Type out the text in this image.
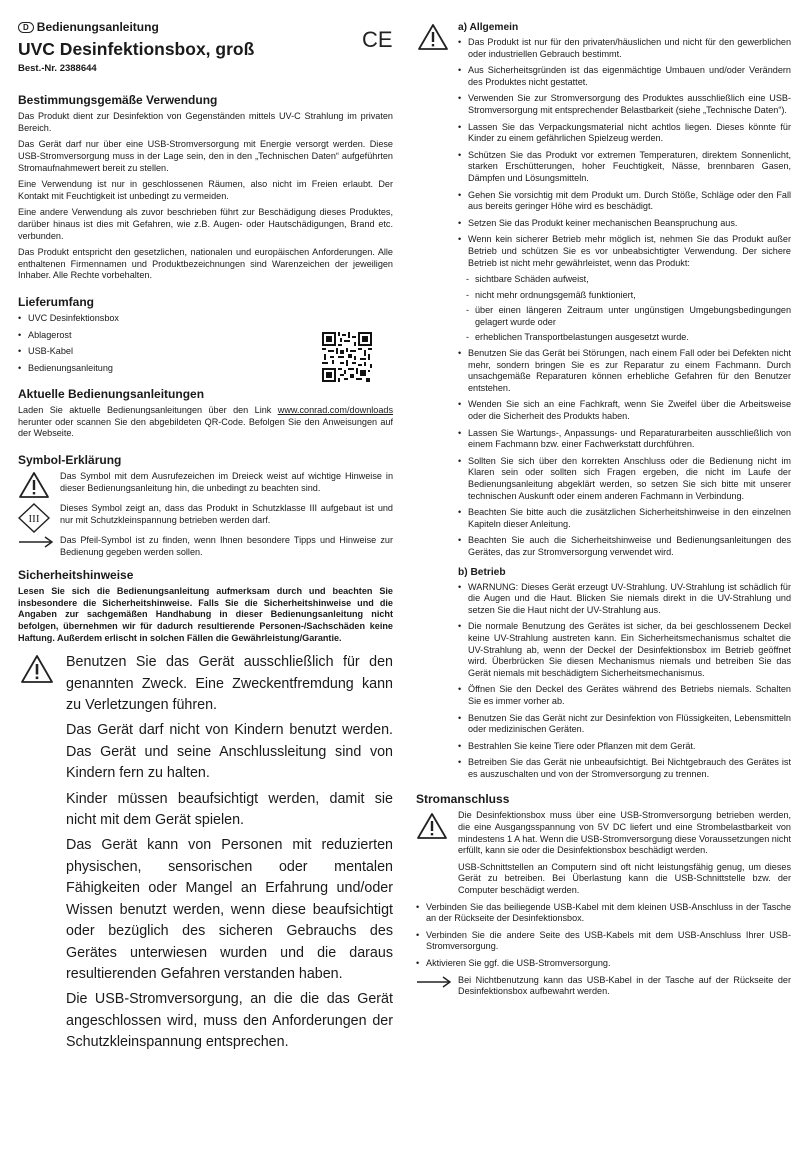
D Bedienungsanleitung
UVC Desinfektionsbox, groß
Best.-Nr. 2388644
Bestimmungsgemäße Verwendung

Das Produkt dient zur Desinfektion von Gegenständen mittels UV-C Strahlung im privaten Bereich.

Das Gerät darf nur über eine USB-Stromversorgung mit Energie versorgt werden. Diese USB-Stromversorgung muss in der Lage sein, den in den „Technischen Daten“ aufgeführten Stromaufnahmewert bereit zu stellen.

Eine Verwendung ist nur in geschlossenen Räumen, also nicht im Freien erlaubt. Der Kontakt mit Feuchtigkeit ist unbedingt zu vermeiden.

Eine andere Verwendung als zuvor beschrieben führt zur Beschädigung dieses Produktes, darüber hinaus ist dies mit Gefahren, wie z.B. Augen- oder Hautschädigungen, Brand etc. verbunden.

Das Produkt entspricht den gesetzlichen, nationalen und europäischen Anforderungen. Alle enthaltenen Firmennamen und Produktbezeichnungen sind Warenzeichen der jeweiligen Inhaber. Alle Rechte vorbehalten.

Lieferumfang
• UVC Desinfektionsbox
• Ablagerost
• USB-Kabel
• Bedienungsanleitung
Aktuelle Bedienungsanleitungen

Laden Sie aktuelle Bedienungsanleitungen über den Link www.conrad.com/downloads herunter oder scannen Sie den abgebildeten QR-Code. Befolgen Sie den Anweisungen auf der Webseite.

Symbol-Erklärung
Das Symbol mit dem Ausrufezeichen im Dreieck weist auf wichtige Hinweise in dieser Bedienungsanleitung hin, die unbedingt zu beachten sind.
III
Dieses Symbol zeigt an, dass das Produkt in Schutzklasse III aufgebaut ist und nur mit Schutzkleinspannung betrieben werden darf.
Das Pfeil-Symbol ist zu finden, wenn Ihnen besondere Tipps und Hinweise zur Bedienung gegeben werden sollen.
Sicherheitshinweise

Lesen Sie sich die Bedienungsanleitung aufmerksam durch und beachten Sie insbesondere die Sicherheitshinweise. Falls Sie die Sicherheitshinweise und die Angaben zur sachgemäßen Handhabung in dieser Bedienungsanleitung nicht befolgen, übernehmen wir für dadurch resultierende Personen-/Sachschäden keine Haftung. Außerdem erlischt in solchen Fällen die Gewährleistung/Garantie.

Benutzen Sie das Gerät ausschließlich für den genannten Zweck. Eine Zweckentfremdung kann zu Verletzungen führen.

Das Gerät darf nicht von Kindern benutzt werden. Das Gerät und seine Anschlussleitung sind von Kindern fern zu halten.

Kinder müssen beaufsichtigt werden, damit sie nicht mit dem Gerät spielen.

Das Gerät kann von Personen mit reduzierten physischen, sensorischen oder mentalen Fähigkeiten oder Mangel an Erfahrung und/oder Wissen benutzt werden, wenn diese beaufsichtigt oder bezüglich des sicheren Gebrauchs des Gerätes unterwiesen wurden und die daraus resultierenden Gefahren verstanden haben.

Die USB-Stromversorgung, an die die das Gerät angeschlossen wird, muss den Anforderungen der Schutzkleinspannung entsprechen.

CE	a) Allgemein
• Das Produkt ist nur für den privaten/häuslichen und nicht für den gewerblichen oder industriellen Gebrauch bestimmt.
• Aus Sicherheitsgründen ist das eigenmächtige Umbauen und/oder Verändern des Produktes nicht gestattet.
• Verwenden Sie zur Stromversorgung des Produktes ausschließlich eine USB-Stromversorgung mit entsprechender Belastbarkeit (siehe „Technische Daten“).
• Lassen Sie das Verpackungsmaterial nicht achtlos liegen. Dieses könnte für Kinder zu einem gefährlichen Spielzeug werden.
• Schützen Sie das Produkt vor extremen Temperaturen, direktem Sonnenlicht, starken Erschütterungen, hoher Feuchtigkeit, Nässe, brennbaren Gasen, Dämpfen und Lösungsmitteln.
• Gehen Sie vorsichtig mit dem Produkt um. Durch Stöße, Schläge oder den Fall aus bereits geringer Höhe wird es beschädigt.
• Setzen Sie das Produkt keiner mechanischen Beanspruchung aus.
• Wenn kein sicherer Betrieb mehr möglich ist, nehmen Sie das Produkt außer Betrieb und schützen Sie es vor unbeabsichtigter Verwendung. Der sichere Betrieb ist nicht mehr gewährleistet, wenn das Produkt:
- sichtbare Schäden aufweist,
- nicht mehr ordnungsgemäß funktioniert,
- über einen längeren Zeitraum unter ungünstigen Umgebungsbedingungen gelagert wurde oder
- erheblichen Transportbelastungen ausgesetzt wurde.
• Benutzen Sie das Gerät bei Störungen, nach einem Fall oder bei Defekten nicht mehr, sondern bringen Sie es zur Reparatur zu einem Fachmann. Durch unsachgemäße Reparaturen können erhebliche Gefahren für den Benutzer entstehen.
• Wenden Sie sich an eine Fachkraft, wenn Sie Zweifel über die Arbeitsweise oder die Sicherheit des Produkts haben.
• Lassen Sie Wartungs-, Anpassungs- und Reparaturarbeiten ausschließlich von einem Fachmann bzw. einer Fachwerkstatt durchführen.
• Sollten Sie sich über den korrekten Anschluss oder die Bedienung nicht im Klaren sein oder sollten sich Fragen ergeben, die nicht im Laufe der Bedienungsanleitung abgeklärt werden, so setzen Sie sich bitte mit unserer technischen Auskunft oder einem anderen Fachmann in Verbindung.
• Beachten Sie bitte auch die zusätzlichen Sicherheitshinweise in den einzelnen Kapiteln dieser Anleitung.
• Beachten Sie auch die Sicherheitshinweise und Bedienungsanleitungen des Gerätes, das zur Stromversorgung verwendet wird.
b) Betrieb
• WARNUNG: Dieses Gerät erzeugt UV-Strahlung. UV-Strahlung ist schädlich für die Augen und die Haut. Blicken Sie niemals direkt in die UV-Strahlung und setzen Sie die Haut nicht der UV-Strahlung aus.
• Die normale Benutzung des Gerätes ist sicher, da bei geschlossenem Deckel keine UV-Strahlung austreten kann. Ein Sicherheitsmechanismus schaltet die UV-Strahlung ab, wenn der Deckel der Desinfektionsbox im Betrieb geöffnet wird. Überbrücken Sie diesen Mechanismus niemals und betreiben Sie das Gerät niemals mit beschädigtem Sicherheitsmechanismus.
• Öffnen Sie den Deckel des Gerätes während des Betriebs niemals. Schalten Sie es immer vorher ab.
• Benutzen Sie das Gerät nicht zur Desinfektion von Flüssigkeiten, Lebensmitteln oder medizinischen Geräten.
• Bestrahlen Sie keine Tiere oder Pflanzen mit dem Gerät.
• Betreiben Sie das Gerät nie unbeaufsichtigt. Bei Nichtgebrauch des Gerätes ist es auszuschalten und von der Stromversorgung zu trennen.
Stromanschluss

Die Desinfektionsbox muss über eine USB-Stromversorgung betrieben werden, die eine Ausgangsspannung von 5V DC liefert und eine Strombelastbarkeit von mindestens 1 A hat. Wenn die USB-Stromversorgung diese Voraussetzungen nicht erfüllt, kann sie oder die Desinfektionsbox beschädigt werden.

USB-Schnittstellen an Computern sind oft nicht leistungsfähig genug, um dieses Gerät zu betreiben. Bei Überlastung kann die USB-Schnittstelle bzw. der Computer beschädigt werden.

• Verbinden Sie das beiliegende USB-Kabel mit dem kleinen USB-Anschluss in der Tasche an der Rückseite der Desinfektionsbox.
• Verbinden Sie die andere Seite des USB-Kabels mit dem USB-Anschluss Ihrer USB-Stromversorgung.
• Aktivieren Sie ggf. die USB-Stromversorgung.

Bei Nichtbenutzung kann das USB-Kabel in der Tasche auf der Rückseite der Desinfektionsbox aufbewahrt werden.
